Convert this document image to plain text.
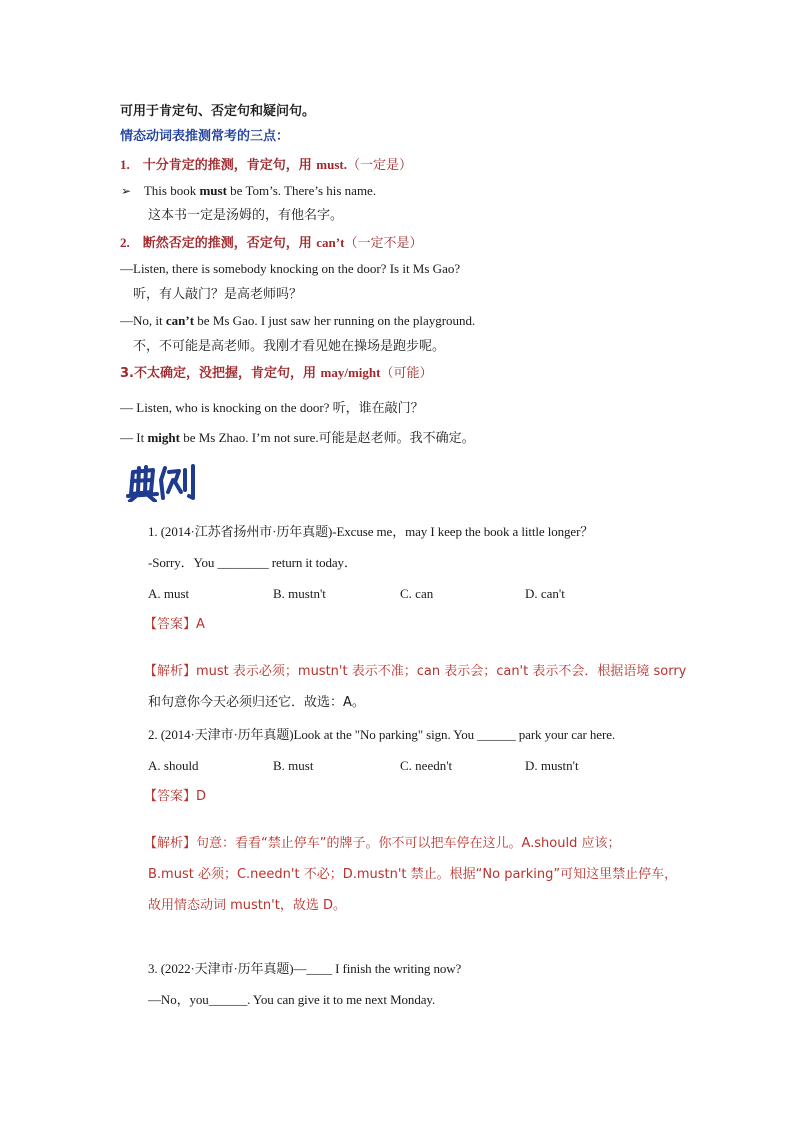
可用于肯定句、否定句和疑问句。
情态动词表推测常考的三点：
1. 十分肯定的推测，肯定句，用 must.（一定是）
➢ This book must be Tom’s. There’s his name.
这本书一定是汤姆的，有他名字。
2. 断然否定的推测，否定句，用 can’t（一定不是）
—Listen, there is somebody knocking on the door? Is it Ms Gao?
听，有人敲门？是高老师吗？
—No, it can’t be Ms Gao. I just saw her running on the playground.
不，不可能是高老师。我刚才看见她在操场是跑步呢。
3.不太确定，没把握，肯定句，用 may/might（可能）
— Listen, who is knocking on the door? 听，谁在敲门？
— It might be Ms Zhao. I’m not sure.可能是赵老师。我不确定。
1. (2014·江苏省扬州市·历年真题)-Excuse me，may I keep the book a little longer？
-Sorry．You ________ return it today．
A. must	B. mustn't	C. can	D. can't
【答案】A
【解析】must 表示必须；mustn't 表示不准；can 表示会；can't 表示不会．根据语境 sorry
和句意你今天必须归还它．故选：A。
2. (2014·天津市·历年真题)Look at the "No parking" sign. You ______ park your car here.
A. should	B. must	C. needn't	D. mustn't
【答案】D
【解析】句意：看看“禁止停车”的牌子。你不可以把车停在这儿。A.should 应该；
B.must 必须；C.needn't 不必；D.mustn't 禁止。根据“No parking”可知这里禁止停车，
故用情态动词 mustn't，故选 D。
3. (2022·天津市·历年真题)—____ I finish the writing now?
—No，you______. You can give it to me next Monday.
